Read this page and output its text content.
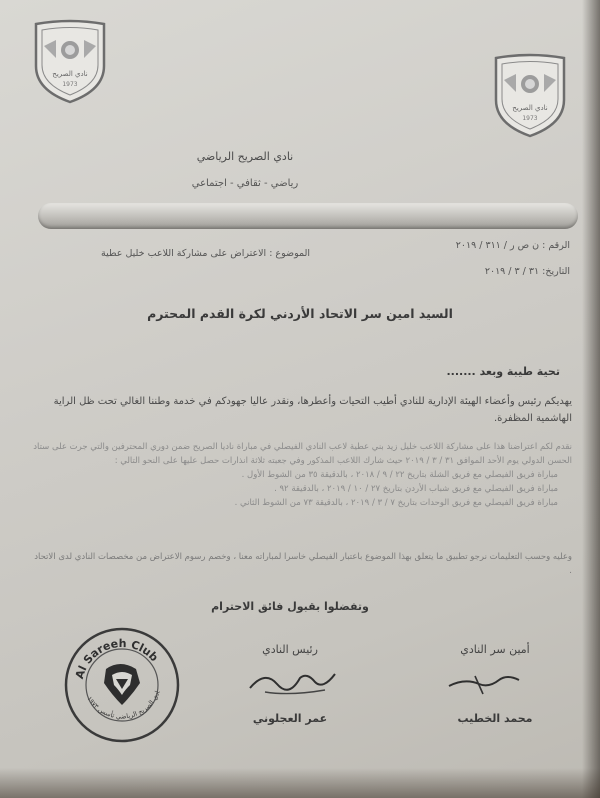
نادي الصريح
1973
نادي الصريح
1973
نادي الصريح الرياضي
رياضي - ثقافي - اجتماعي
الرقم : ن ص ر / ٣١١ / ٢٠١٩
التاريخ: ٣١ / ٣ / ٢٠١٩
الموضوع : الاعتراض على مشاركة اللاعب خليل عطية
السيد امين سر الاتحاد الأردني لكرة القدم المحترم
تحية طيبة وبعد .......
يهديكم رئيس وأعضاء الهيئة الإدارية للنادي أطيب التحيات وأعطرها، ونقدر عاليا جهودكم في خدمة وطننا الغالي تحت ظل الراية الهاشمية المظفرة.
نقدم لكم اعتراضنا هذا على مشاركة اللاعب خليل زيد بني عطية لاعب النادي الفيصلي في مباراة ناديا الصريح ضمن دوري المحترفين والتي جرت على ستاد الحسن الدولي يوم الأحد الموافق ٣١ / ٣ / ٢٠١٩ حيث شارك اللاعب المذكور وفي جعبته ثلاثة انذارات حصل عليها على النحو التالي :
مباراة فريق الفيصلي مع فريق الشلة بتاريخ ٢٢ / ٩ / ٢٠١٨ ، بالدقيقة ٣٥ من الشوط الأول .
مباراة فريق الفيصلي مع فريق شباب الأردن بتاريخ ٢٧ / ١٠ / ٢٠١٩ ، بالدقيقة ٩٢ .
مباراة فريق الفيصلي مع فريق الوحدات بتاريخ ٧ / ٣ / ٢٠١٩ ، بالدقيقة ٧٣ من الشوط الثاني .
وعليه وحسب التعليمات نرجو تطبيق ما يتعلق بهذا الموضوع باعتبار الفيصلي خاسرا لمباراته معنا ، وخصم رسوم الاعتراض من مخصصات النادي لدى الاتحاد .
وتفضلوا بقبول فائق الاحترام
رئيس النادي
عمر العجلوني
أمين سر النادي
محمد الخطيب
Al Sareeh Club
ادي الصريح الرياضي تأسس ١٩٧٣
